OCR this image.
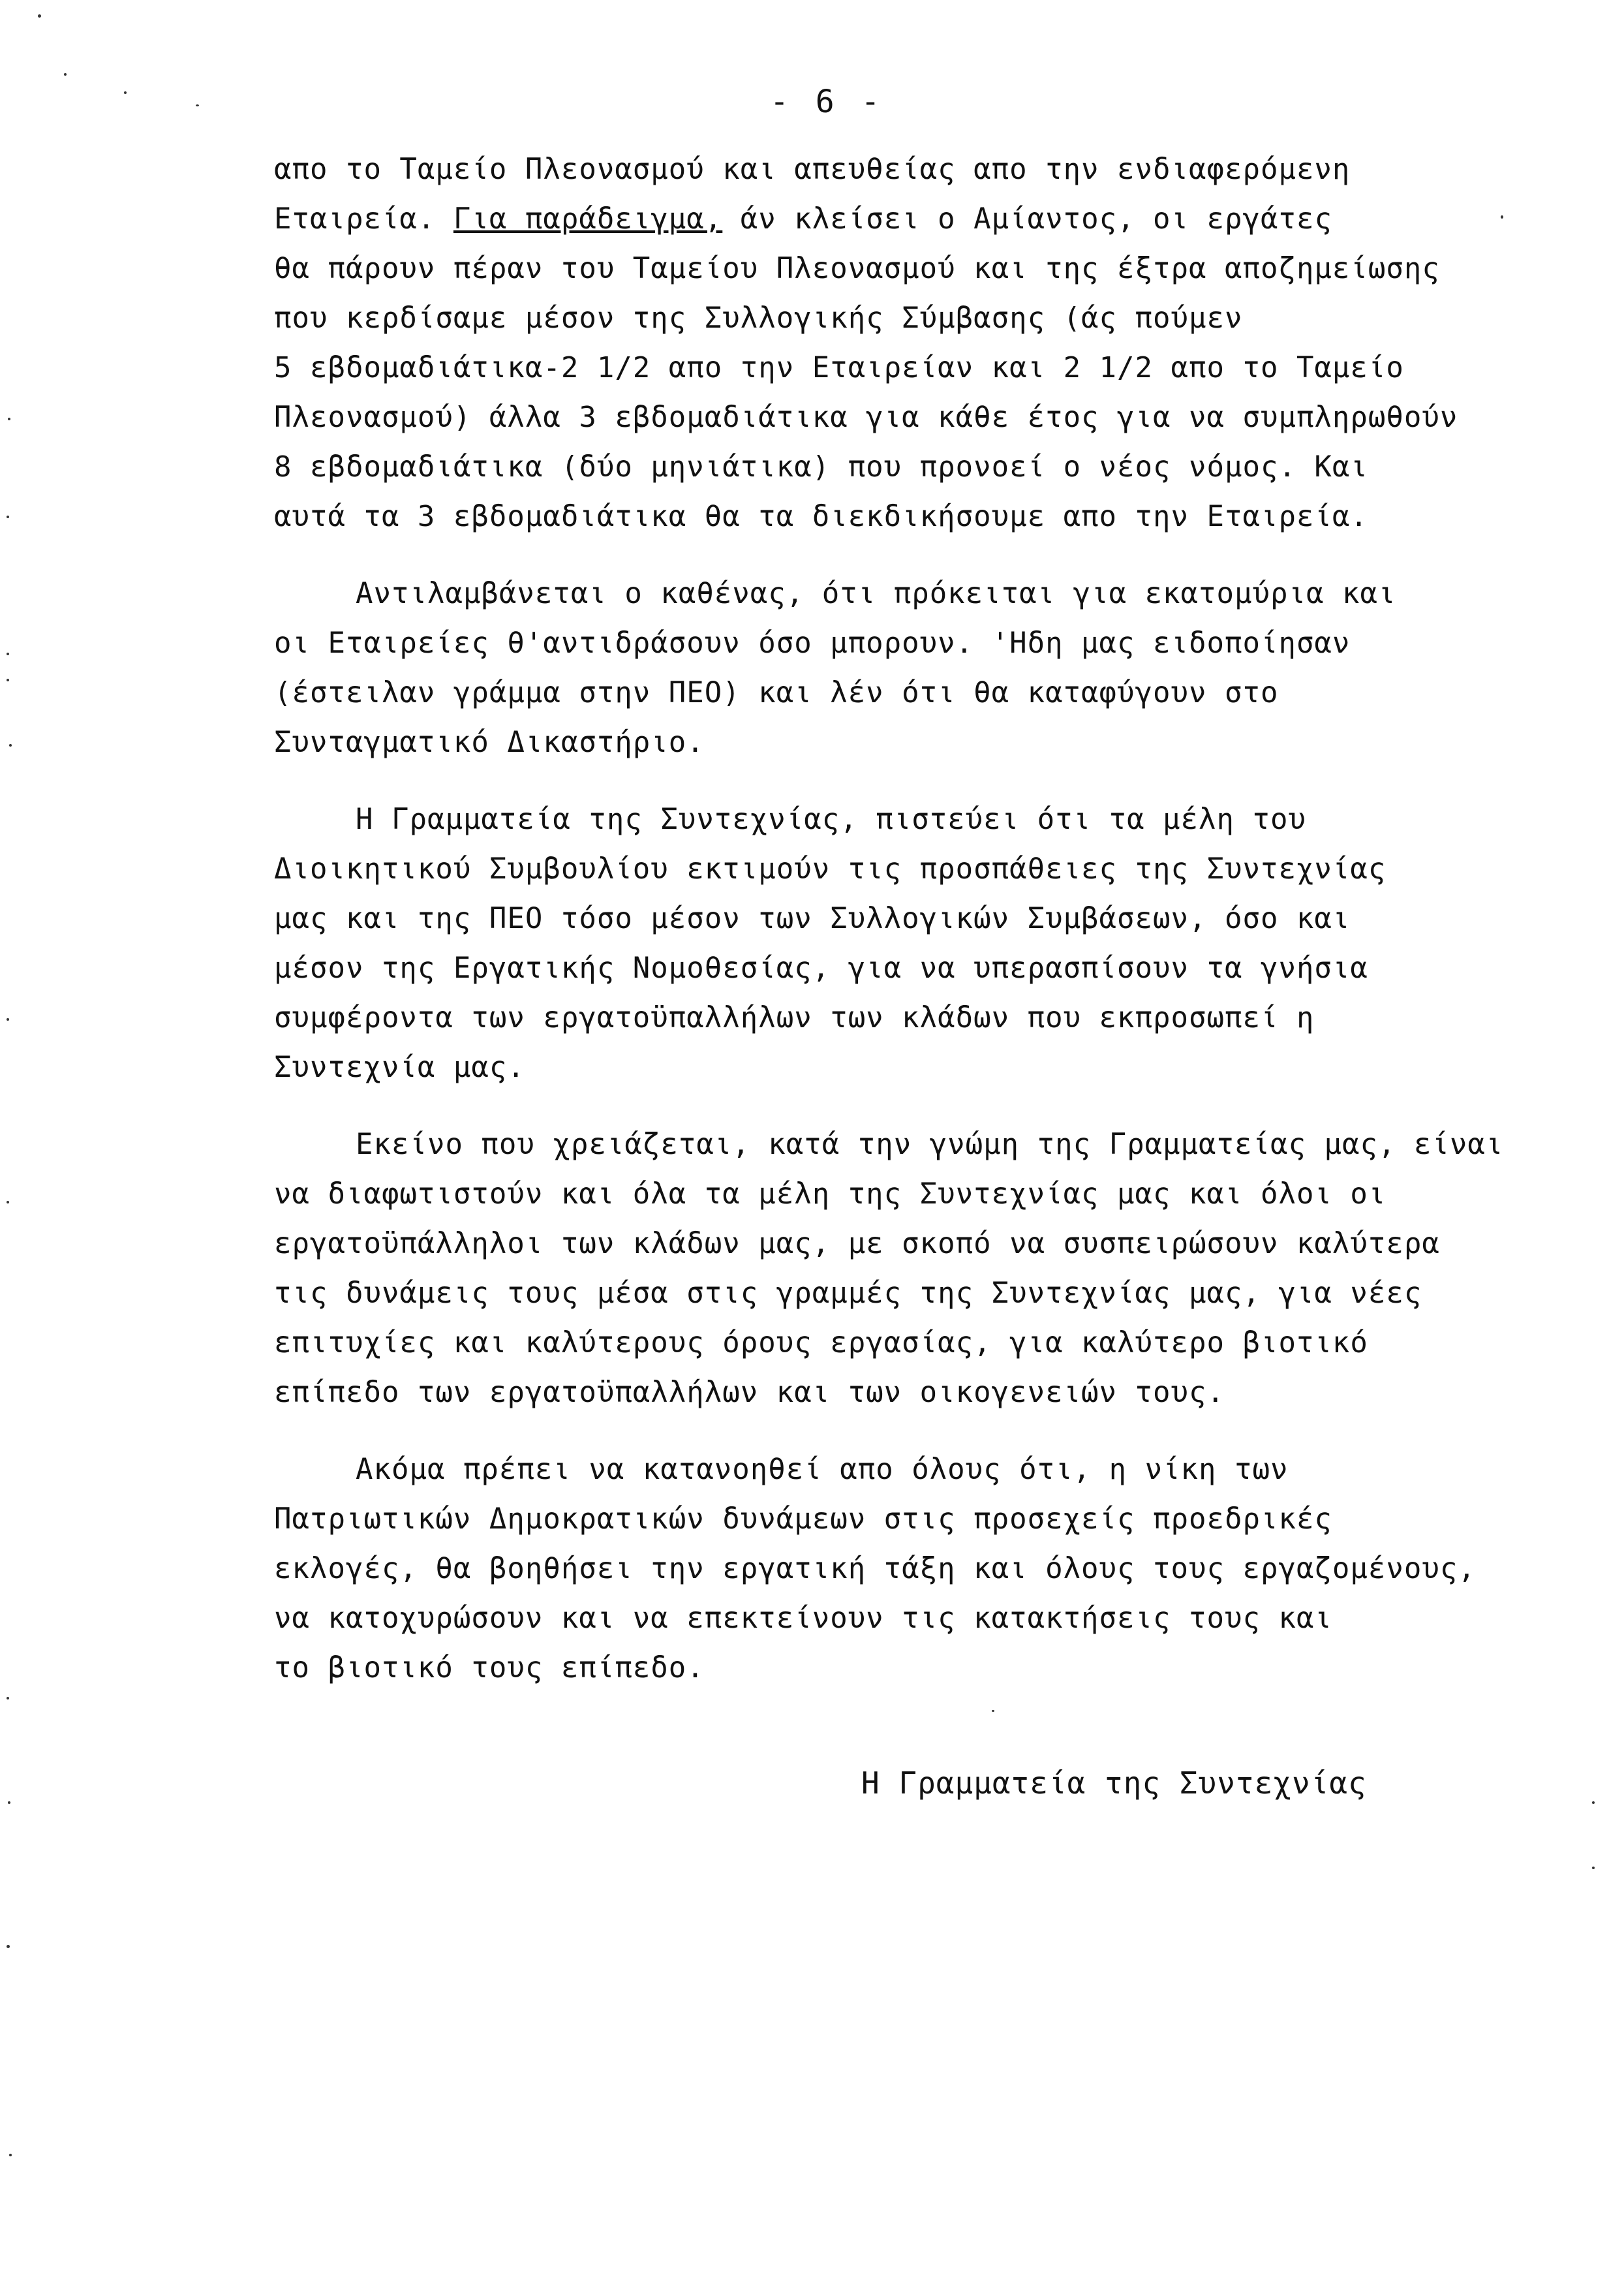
- 6 -
απο το Ταμείο Πλεονασμού και απευθείας απο την ενδιαφερόμενη
Εταιρεία. Για παράδειγμα, άν κλείσει ο Αμίαντος, οι εργάτες
θα πάρουν πέραν του Ταμείου Πλεονασμού και της έξτρα αποζημείωσης
που κερδίσαμε μέσον της Συλλογικής Σύμβασης (άς πούμεν
5 εβδομαδιάτικα-2 1/2 απο την Εταιρείαν και 2 1/2 απο το Ταμείο
Πλεονασμού) άλλα 3 εβδομαδιάτικα για κάθε έτος για να συμπληρωθούν
8 εβδομαδιάτικα (δύο μηνιάτικα) που προνοεί ο νέος νόμος. Και
αυτά τα 3 εβδομαδιάτικα θα τα διεκδικήσουμε απο την Εταιρεία.
Αντιλαμβάνεται ο καθένας, ότι πρόκειται για εκατομύρια και
οι Εταιρείες θ'αντιδράσουν όσο μπορουν. 'Ηδη μας ειδοποίησαν
(έστειλαν γράμμα στην ΠΕΟ) και λέν ότι θα καταφύγουν στο
Συνταγματικό Δικαστήριο.
Η Γραμματεία της Συντεχνίας, πιστεύει ότι τα μέλη του
Διοικητικού Συμβουλίου εκτιμούν τις προσπάθειες της Συντεχνίας
μας και της ΠΕΟ τόσο μέσον των Συλλογικών Συμβάσεων, όσο και
μέσον της Εργατικής Νομοθεσίας, για να υπερασπίσουν τα γνήσια
συμφέροντα των εργατοϋπαλλήλων των κλάδων που εκπροσωπεί η
Συντεχνία μας.
Εκείνο που χρειάζεται, κατά την γνώμη της Γραμματείας μας, είναι
να διαφωτιστούν και όλα τα μέλη της Συντεχνίας μας και όλοι οι
εργατοϋπάλληλοι των κλάδων μας, με σκοπό να συσπειρώσουν καλύτερα
τις δυνάμεις τους μέσα στις γραμμές της Συντεχνίας μας, για νέες
επιτυχίες και καλύτερους όρους εργασίας, για καλύτερο βιοτικό
επίπεδο των εργατοϋπαλλήλων και των οικογενειών τους.
Ακόμα πρέπει να κατανοηθεί απο όλους ότι, η νίκη των
Πατριωτικών Δημοκρατικών δυνάμεων στις προσεχείς προεδρικές
εκλογές, θα βοηθήσει την εργατική τάξη και όλους τους εργαζομένους,
να κατοχυρώσουν και να επεκτείνουν τις κατακτήσεις τους και
το βιοτικό τους επίπεδο.
Η Γραμματεία της Συντεχνίας
